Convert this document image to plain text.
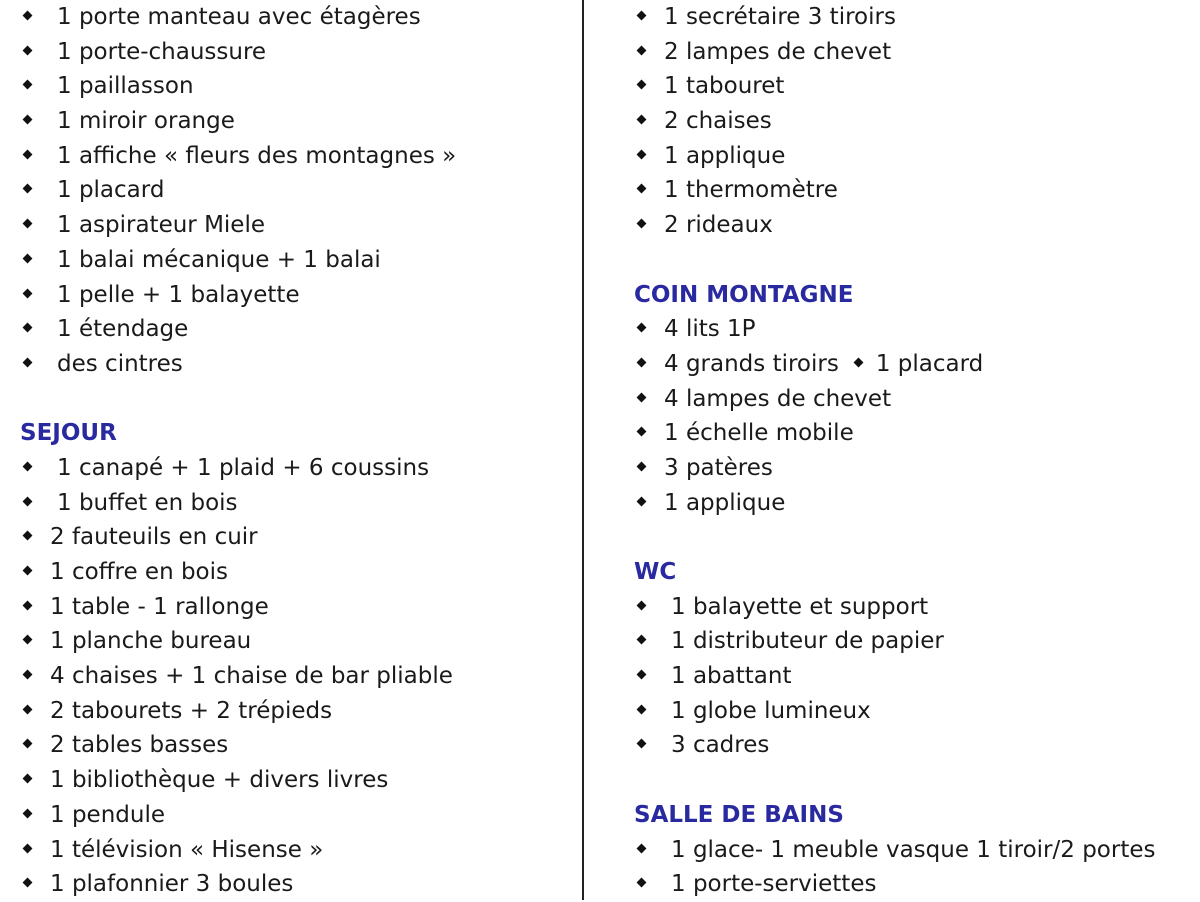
1 porte manteau avec étagères
1 porte-chaussure
1 paillasson
1 miroir orange
1 affiche « fleurs des montagnes »
1 placard
1 aspirateur Miele
1 balai mécanique + 1 balai
1 pelle + 1 balayette
1 étendage
des cintres
SEJOUR
1 canapé + 1 plaid + 6 coussins
1 buffet en bois
2 fauteuils en cuir
1 coffre en bois
1 table - 1 rallonge
1 planche bureau
4 chaises + 1 chaise de bar pliable
2 tabourets + 2 trépieds
2 tables basses
1 bibliothèque + divers livres
1 pendule
1 télévision « Hisense »
1 plafonnier 3 boules
1 secrétaire 3 tiroirs
2 lampes de chevet
1 tabouret
2 chaises
1 applique
1 thermomètre
2 rideaux
COIN MONTAGNE
4 lits 1P
4 grands tiroirs 1 placard
4 lampes de chevet
1 échelle mobile
3 patères
1 applique
WC
1 balayette et support
1 distributeur de papier
1 abattant
1 globe lumineux
3 cadres
SALLE DE BAINS
1 glace- 1 meuble vasque 1 tiroir/2 portes
1 porte-serviettes
